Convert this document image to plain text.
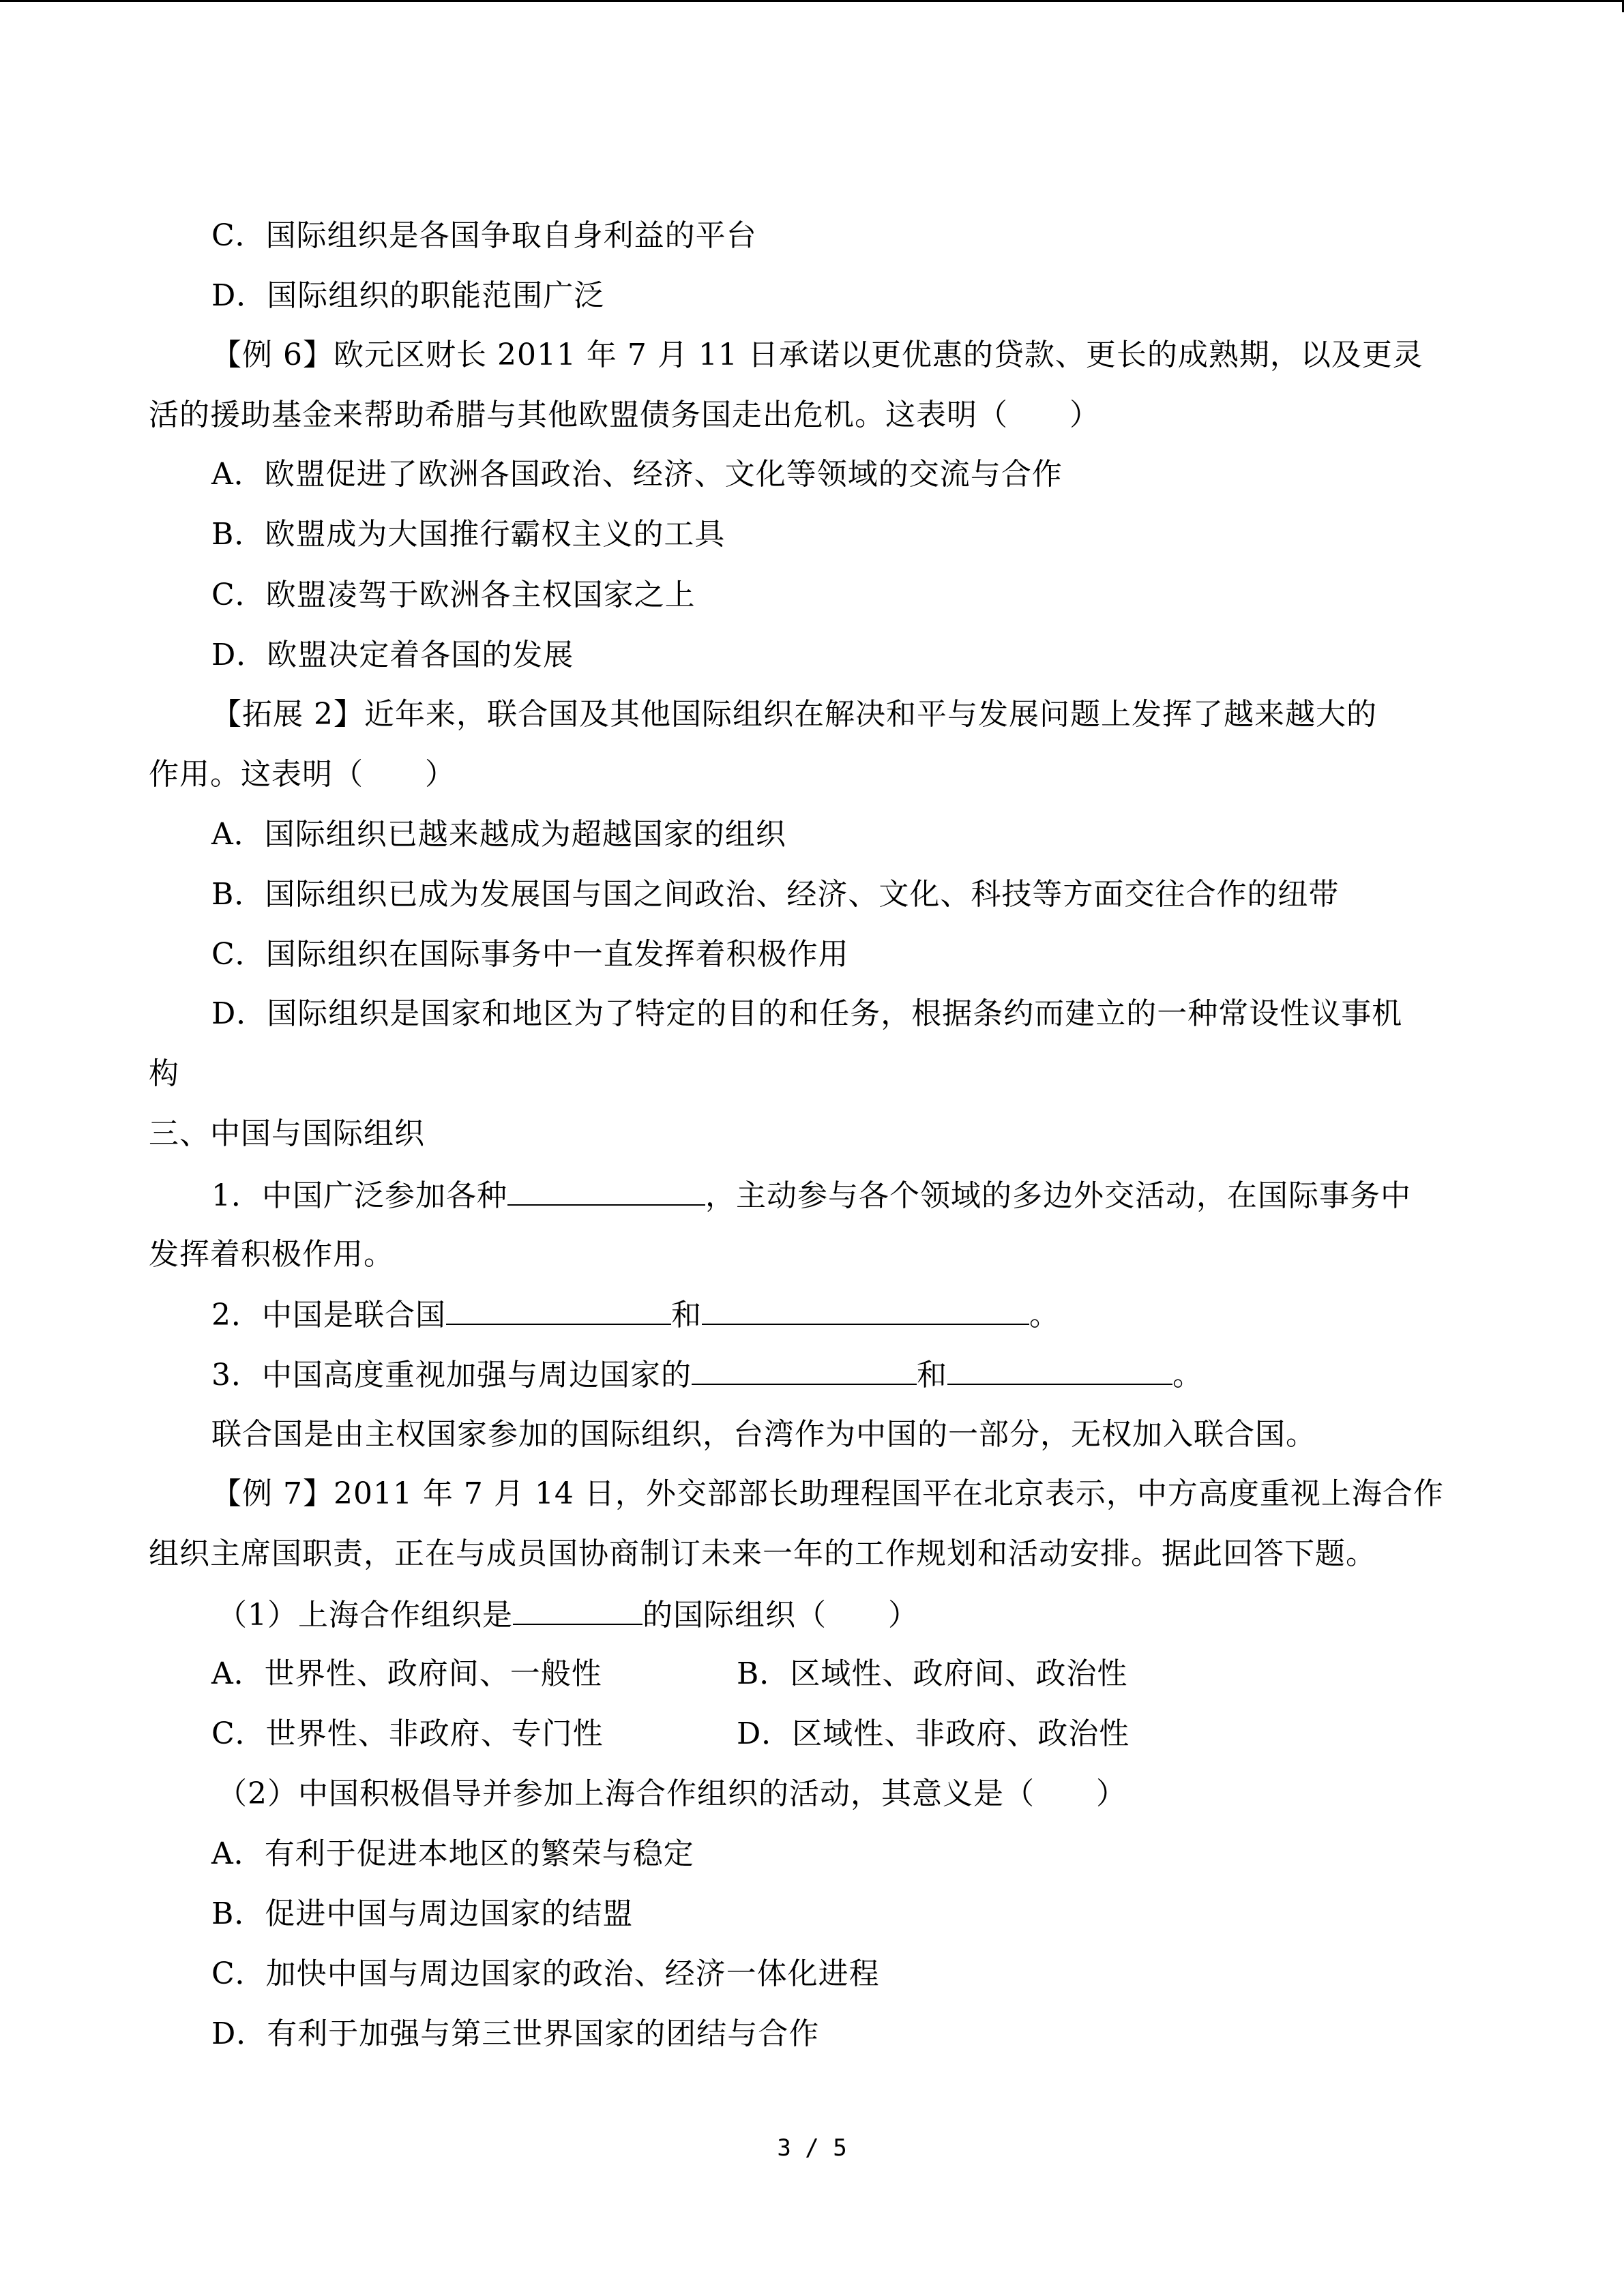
C．国际组织是各国争取自身利益的平台
D．国际组织的职能范围广泛
【例 6】欧元区财长 2011 年 7 月 11 日承诺以更优惠的贷款、更长的成熟期，以及更灵
活的援助基金来帮助希腊与其他欧盟债务国走出危机。这表明（　　）
A．欧盟促进了欧洲各国政治、经济、文化等领域的交流与合作
B．欧盟成为大国推行霸权主义的工具
C．欧盟凌驾于欧洲各主权国家之上
D．欧盟决定着各国的发展
【拓展 2】近年来，联合国及其他国际组织在解决和平与发展问题上发挥了越来越大的
作用。这表明（　　）
A．国际组织已越来越成为超越国家的组织
B．国际组织已成为发展国与国之间政治、经济、文化、科技等方面交往合作的纽带
C．国际组织在国际事务中一直发挥着积极作用
D．国际组织是国家和地区为了特定的目的和任务，根据条约而建立的一种常设性议事机
构
三、中国与国际组织
1．中国广泛参加各种	，主动参与各个领域的多边外交活动，在国际事务中
发挥着积极作用。
2．中国是联合国	和	。
3．中国高度重视加强与周边国家的	和	。
联合国是由主权国家参加的国际组织，台湾作为中国的一部分，无权加入联合国。
【例 7】2011 年 7 月 14 日，外交部部长助理程国平在北京表示，中方高度重视上海合作
组织主席国职责，正在与成员国协商制订未来一年的工作规划和活动安排。据此回答下题。
（1）上海合作组织是	的国际组织（　　）
A．世界性、政府间、一般性	B．区域性、政府间、政治性
C．世界性、非政府、专门性	D．区域性、非政府、政治性
（2）中国积极倡导并参加上海合作组织的活动，其意义是（　　）
A．有利于促进本地区的繁荣与稳定
B．促进中国与周边国家的结盟
C．加快中国与周边国家的政治、经济一体化进程
D．有利于加强与第三世界国家的团结与合作
3 / 5
